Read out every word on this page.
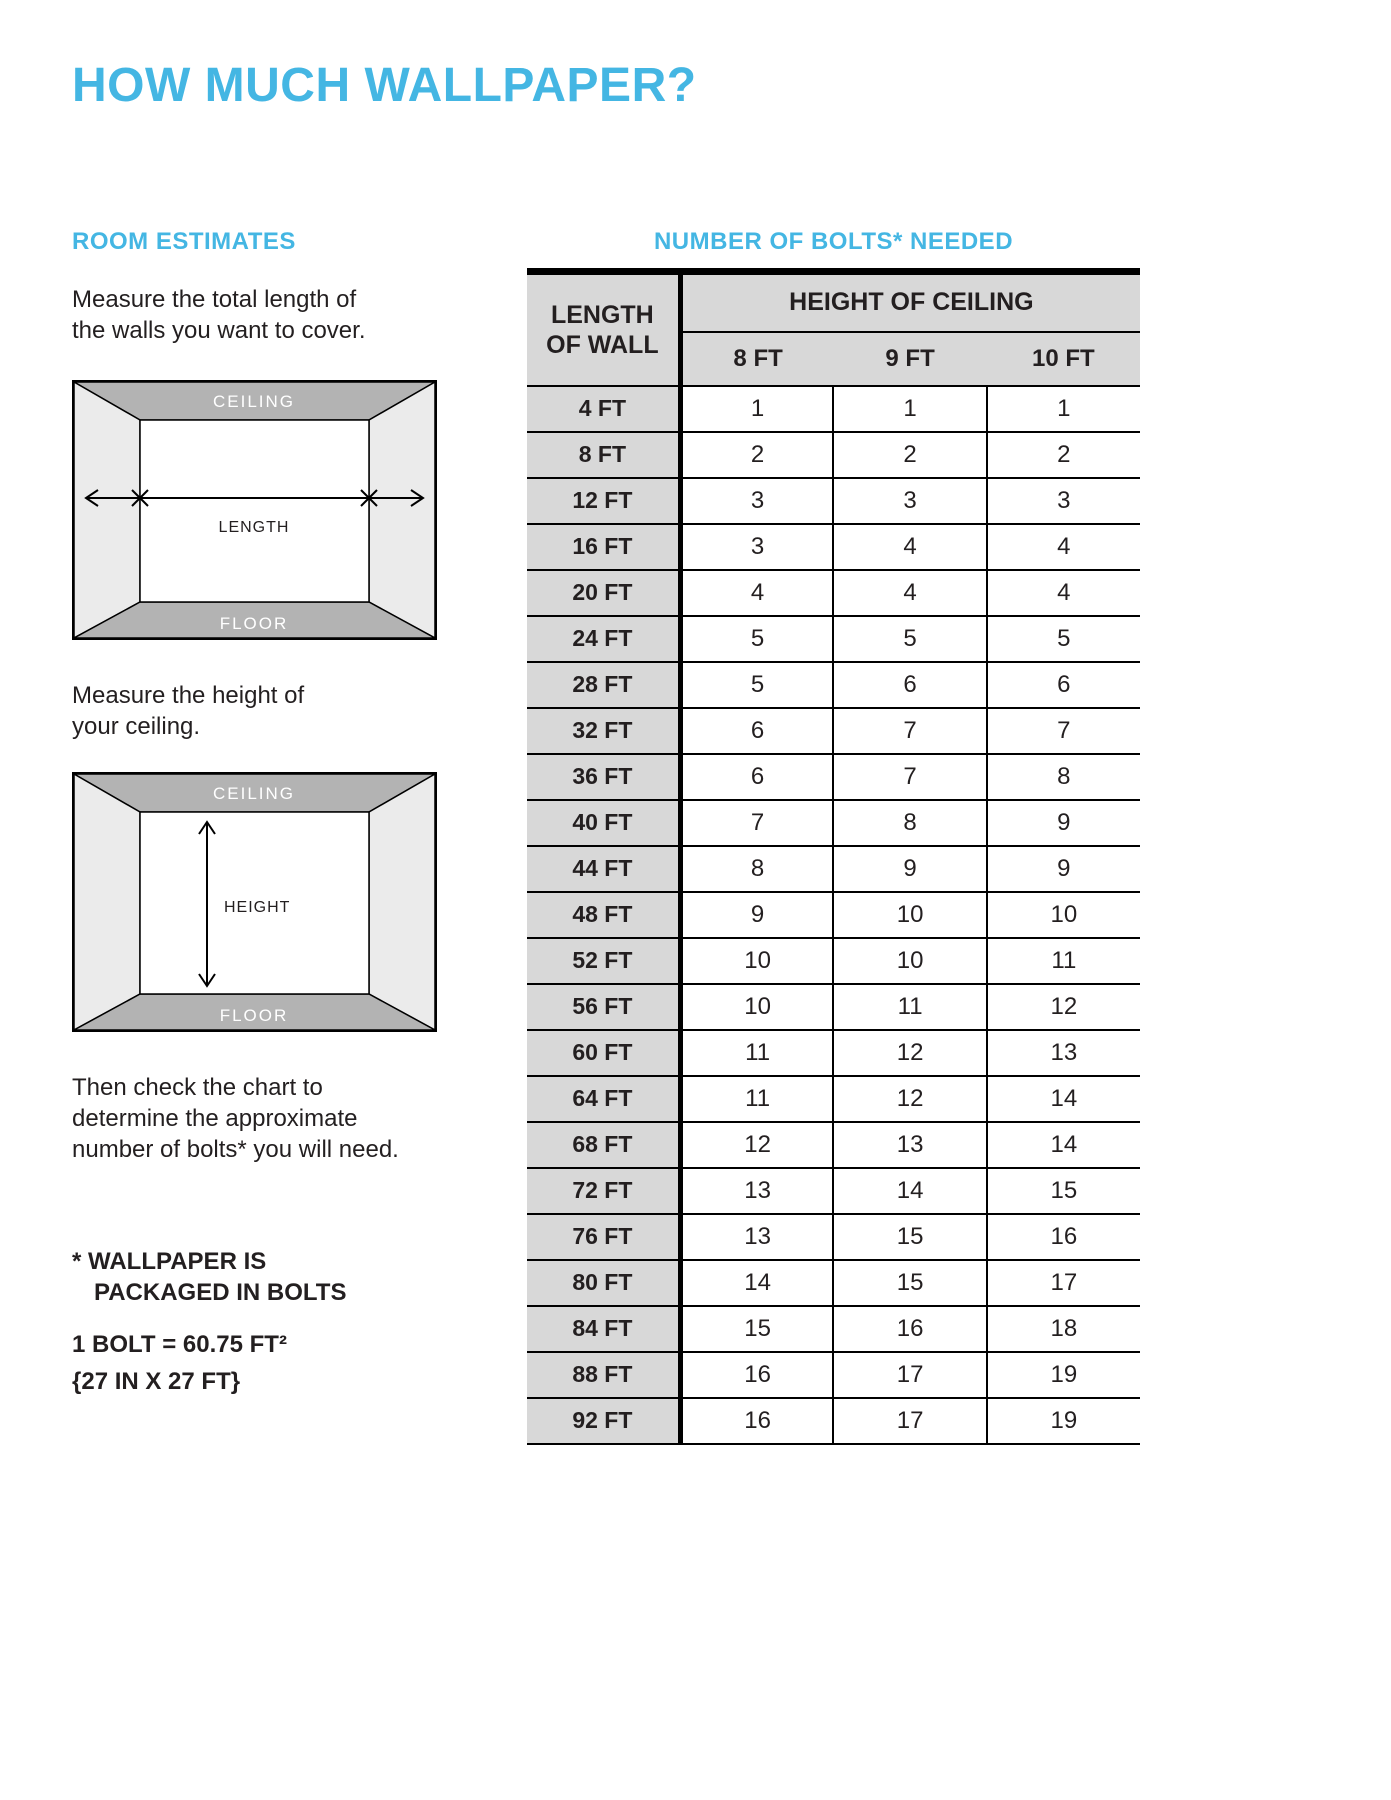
HOW MUCH WALLPAPER?
ROOM ESTIMATES
Measure the total length of
the walls you want to cover.
CEILING
FLOOR
LENGTH
Measure the height of
your ceiling.
CEILING
FLOOR
HEIGHT
Then check the chart to
determine the approximate
number of bolts* you will need.
* WALLPAPER IS
PACKAGED IN BOLTS
1 BOLT = 60.75 FT²
{27 IN X 27 FT}
NUMBER OF BOLTS* NEEDED
LENGTH OF WALL	HEIGHT OF CEILING		
	8 FT	9 FT	10 FT
4 FT	1	1	1
8 FT	2	2	2
12 FT	3	3	3
16 FT	3	4	4
20 FT	4	4	4
24 FT	5	5	5
28 FT	5	6	6
32 FT	6	7	7
36 FT	6	7	8
40 FT	7	8	9
44 FT	8	9	9
48 FT	9	10	10
52 FT	10	10	11
56 FT	10	11	12
60 FT	11	12	13
64 FT	11	12	14
68 FT	12	13	14
72 FT	13	14	15
76 FT	13	15	16
80 FT	14	15	17
84 FT	15	16	18
88 FT	16	17	19
92 FT	16	17	19
